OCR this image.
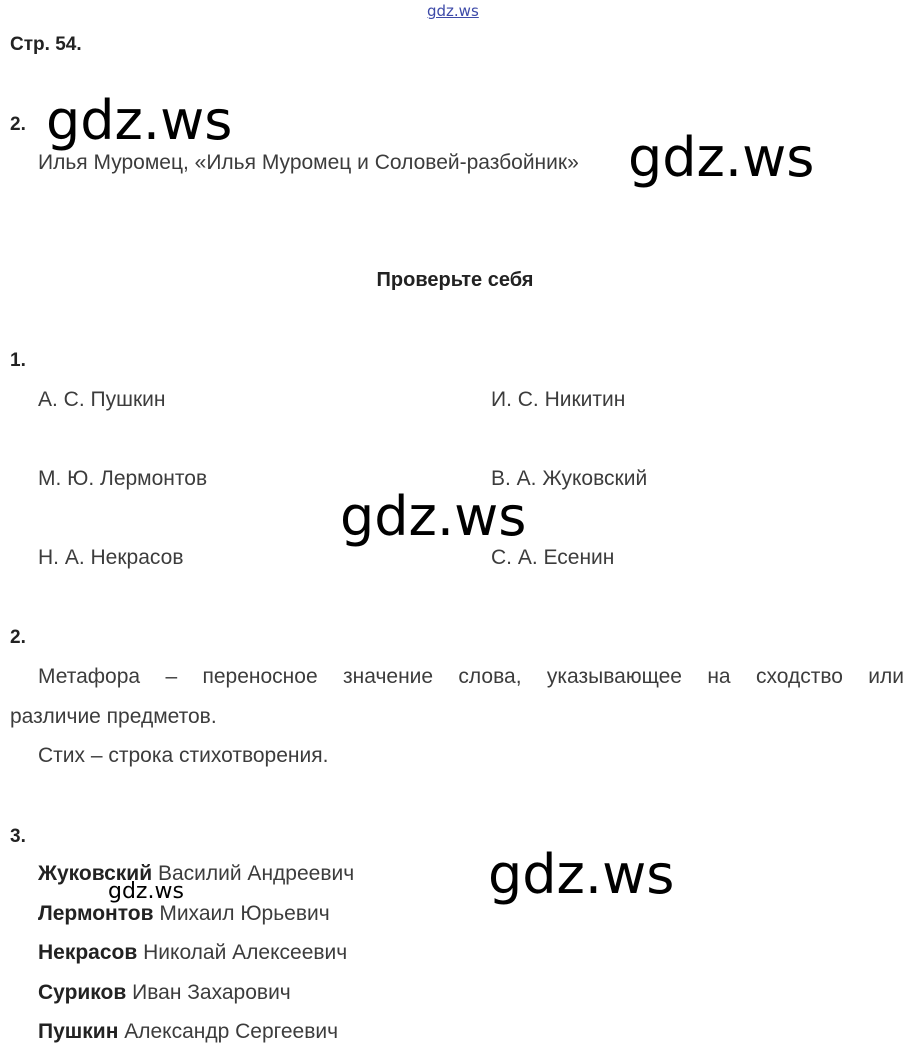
gdz.ws
gdz.ws
gdz.ws
gdz.ws
gdz.ws
gdz.ws
Стр. 54.
2.
Илья Муромец, «Илья Муромец и Соловей-разбойник»
Проверьте себя
1.
А. С. Пушкин
М. Ю. Лермонтов
Н. А. Некрасов
И. С. Никитин
В. А. Жуковский
С. А. Есенин
2.
Метафора – переносное значение слова, указывающее на сходство или
различие предметов.
Стих – строка стихотворения.
3.
Жуковский Василий Андреевич
Лермонтов Михаил Юрьевич
Некрасов Николай Алексеевич
Суриков Иван Захарович
Пушкин Александр Сергеевич
